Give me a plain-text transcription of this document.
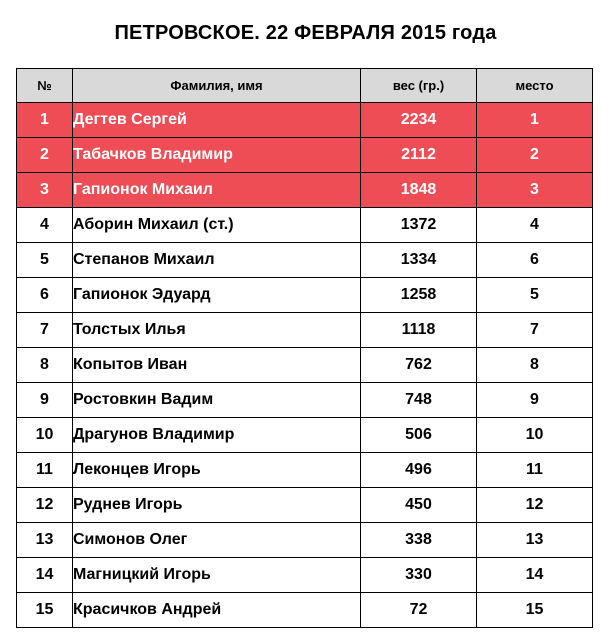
ПЕТРОВСКОЕ. 22 ФЕВРАЛЯ 2015 года
№	Фамилия, имя	вес (гр.)	место
1	Дегтев Сергей	2234	1
2	Табачков Владимир	2112	2
3	Гапионок Михаил	1848	3
4	Аборин Михаил (ст.)	1372	4
5	Степанов Михаил	1334	6
6	Гапионок Эдуард	1258	5
7	Толстых Илья	1118	7
8	Копытов Иван	762	8
9	Ростовкин Вадим	748	9
10	Драгунов Владимир	506	10
11	Леконцев Игорь	496	11
12	Руднев Игорь	450	12
13	Симонов Олег	338	13
14	Магницкий Игорь	330	14
15	Красичков Андрей	72	15
